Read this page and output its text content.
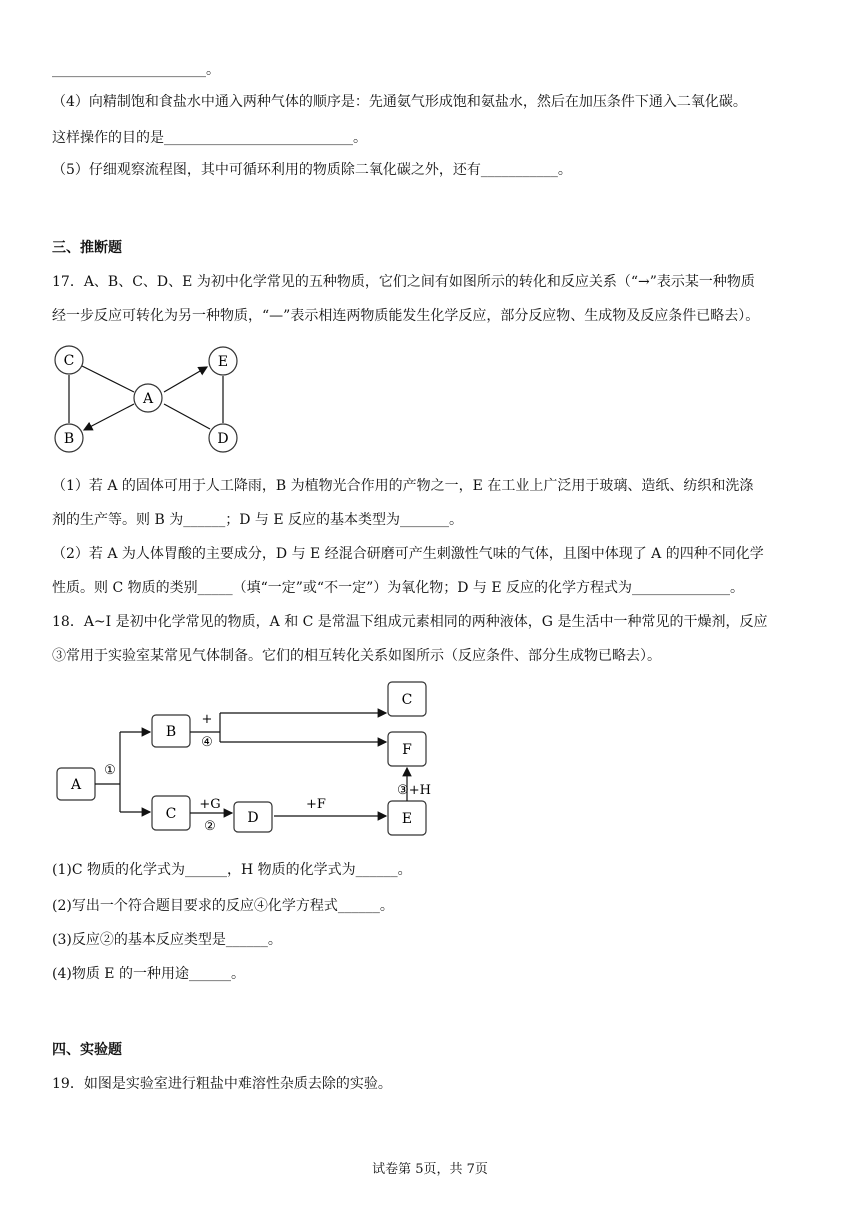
______________________。
（4）向精制饱和食盐水中通入两种气体的顺序是：先通氨气形成饱和氨盐水，然后在加压条件下通入二氧化碳。
这样操作的目的是___________________________。
（5）仔细观察流程图，其中可循环利用的物质除二氧化碳之外，还有___________。
三、推断题
17．A、B、C、D、E 为初中化学常见的五种物质，它们之间有如图所示的转化和反应关系（“→”表示某一种物质
经一步反应可转化为另一种物质，“—”表示相连两物质能发生化学反应，部分反应物、生成物及反应条件已略去）。
C
A
E
B	D
（1）若 A 的固体可用于人工降雨，B 为植物光合作用的产物之一，E 在工业上广泛用于玻璃、造纸、纺织和洗涤
剂的生产等。则 B 为______；D 与 E 反应的基本类型为_______。
（2）若 A 为人体胃酸的主要成分，D 与 E 经混合研磨可产生刺激性气味的气体，且图中体现了 A 的四种不同化学
性质。则 C 物质的类别_____（填“一定”或“不一定”）为氧化物；D 与 E 反应的化学方程式为______________。
18．A~I 是初中化学常见的物质，A 和 C 是常温下组成元素相同的两种液体，G 是生活中一种常见的干燥剂，反应
③常用于实验室某常见气体制备。它们的相互转化关系如图所示（反应条件、部分生成物已略去）。
A
①
B
+
④
C
F
C
+G
②
D
+F
E
③+H
(1)C 物质的化学式为______，H 物质的化学式为______。
(2)写出一个符合题目要求的反应④化学方程式______。
(3)反应②的基本反应类型是______。
(4)物质 E 的一种用途______。
四、实验题
19．如图是实验室进行粗盐中难溶性杂质去除的实验。
试卷第 5页，共 7页
